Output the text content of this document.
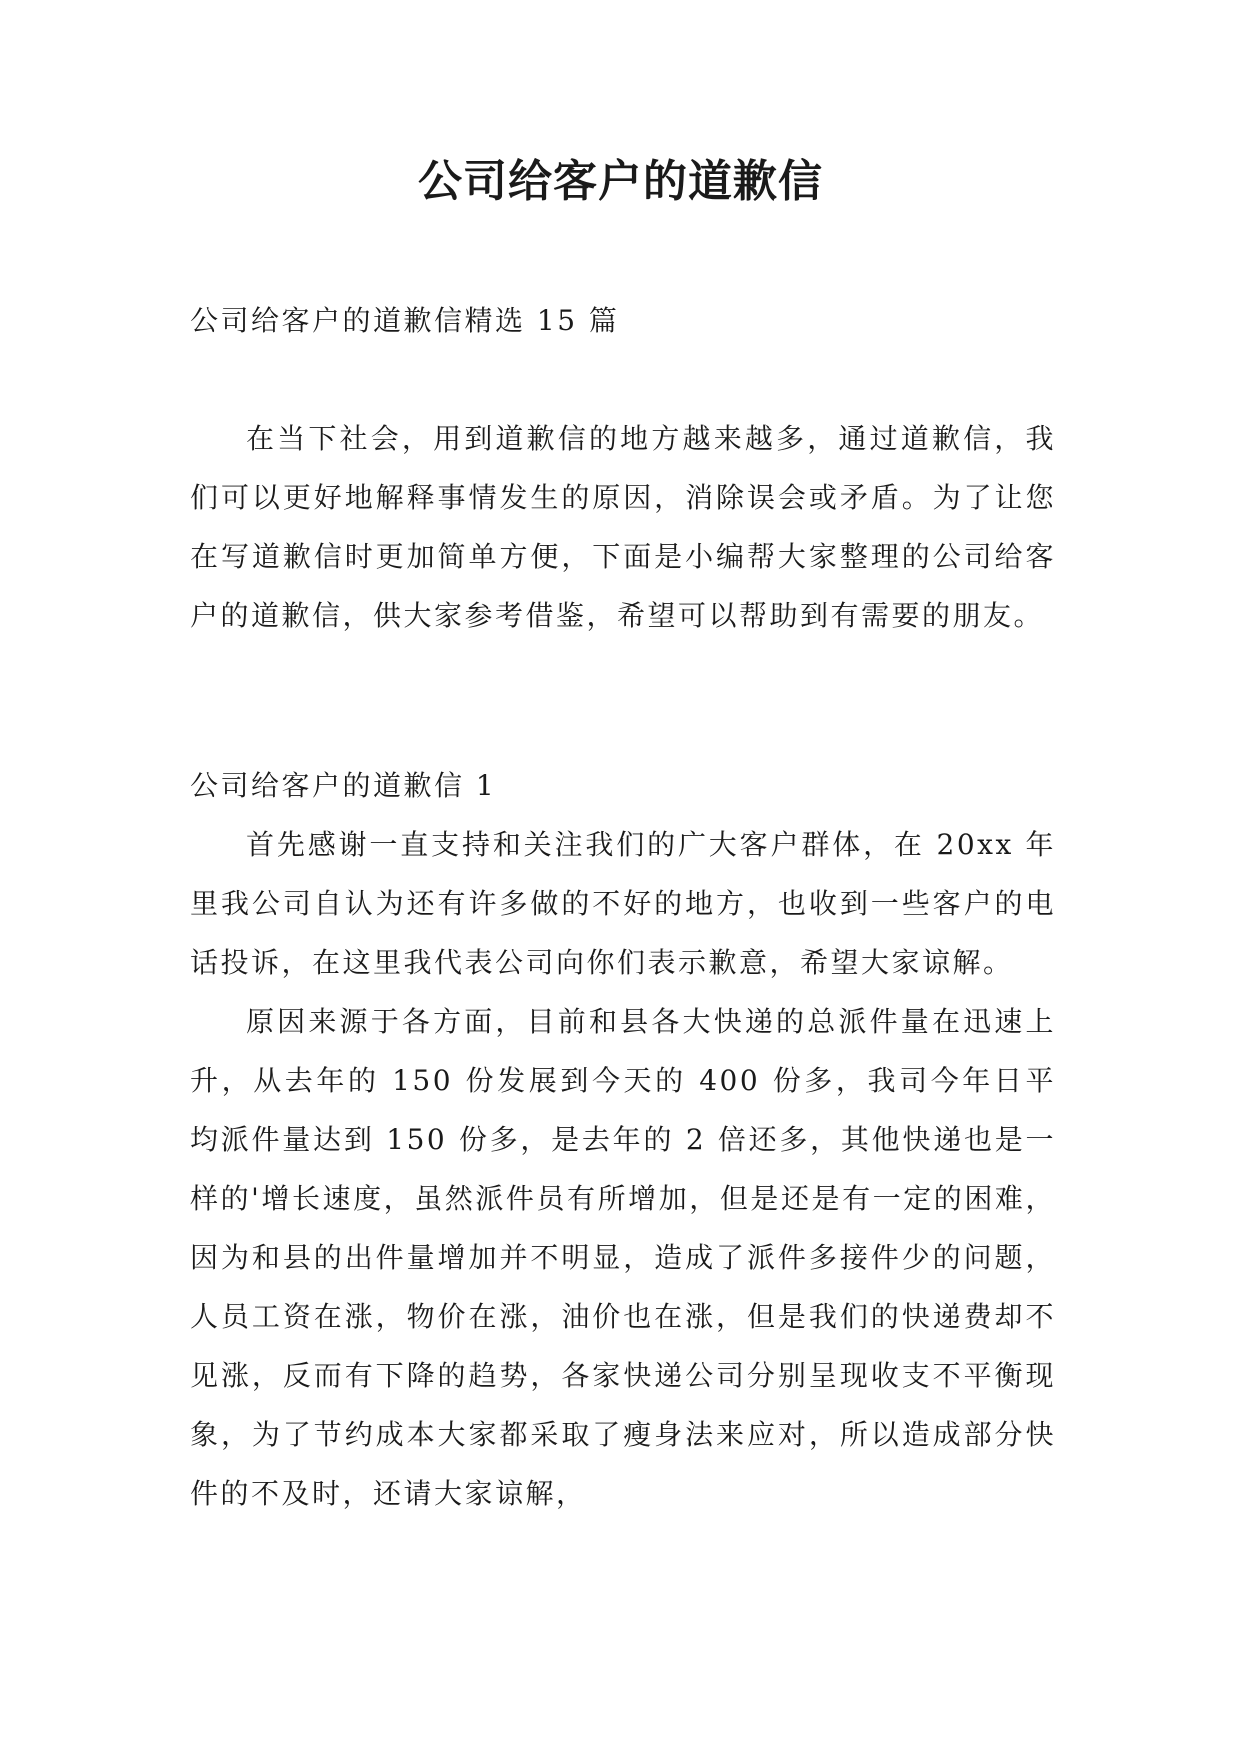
公司给客户的道歉信
公司给客户的道歉信精选 15 篇

在当下社会，用到道歉信的地方越来越多，通过道歉信，我们可以更好地解释事情发生的原因，消除误会或矛盾。为了让您在写道歉信时更加简单方便，下面是小编帮大家整理的公司给客户的道歉信，供大家参考借鉴，希望可以帮助到有需要的朋友。

公司给客户的道歉信 1

首先感谢一直支持和关注我们的广大客户群体，在 20xx 年里我公司自认为还有许多做的不好的地方，也收到一些客户的电话投诉，在这里我代表公司向你们表示歉意，希望大家谅解。

原因来源于各方面，目前和县各大快递的总派件量在迅速上升，从去年的 150 份发展到今天的 400 份多，我司今年日平均派件量达到 150 份多，是去年的 2 倍还多，其他快递也是一样的'增长速度，虽然派件员有所增加，但是还是有一定的困难，因为和县的出件量增加并不明显，造成了派件多接件少的问题，人员工资在涨，物价在涨，油价也在涨，但是我们的快递费却不见涨，反而有下降的趋势，各家快递公司分别呈现收支不平衡现象，为了节约成本大家都采取了瘦身法来应对，所以造成部分快件的不及时，还请大家谅解，
